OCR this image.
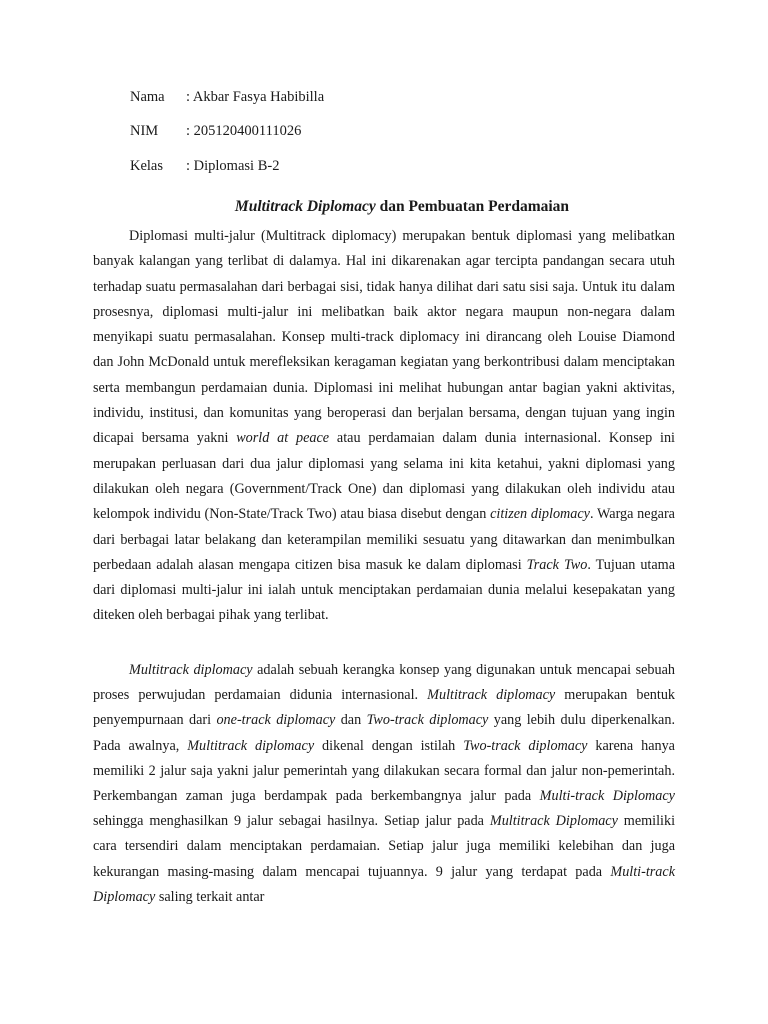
Nama : Akbar Fasya Habibilla
NIM : 205120400111026
Kelas : Diplomasi B-2
Multitrack Diplomacy dan Pembuatan Perdamaian

Diplomasi multi-jalur (Multitrack diplomacy) merupakan bentuk diplomasi yang melibatkan banyak kalangan yang terlibat di dalamya. Hal ini dikarenakan agar tercipta pandangan secara utuh terhadap suatu permasalahan dari berbagai sisi, tidak hanya dilihat dari satu sisi saja. Untuk itu dalam prosesnya, diplomasi multi-jalur ini melibatkan baik aktor negara maupun non-negara dalam menyikapi suatu permasalahan. Konsep multi-track diplomacy ini dirancang oleh Louise Diamond dan John McDonald untuk merefleksikan keragaman kegiatan yang berkontribusi dalam menciptakan serta membangun perdamaian dunia. Diplomasi ini melihat hubungan antar bagian yakni aktivitas, individu, institusi, dan komunitas yang beroperasi dan berjalan bersama, dengan tujuan yang ingin dicapai bersama yakni world at peace atau perdamaian dalam dunia internasional. Konsep ini merupakan perluasan dari dua jalur diplomasi yang selama ini kita ketahui, yakni diplomasi yang dilakukan oleh negara (Government/Track One) dan diplomasi yang dilakukan oleh individu atau kelompok individu (Non-State/Track Two) atau biasa disebut dengan citizen diplomacy. Warga negara dari berbagai latar belakang dan keterampilan memiliki sesuatu yang ditawarkan dan menimbulkan perbedaan adalah alasan mengapa citizen bisa masuk ke dalam diplomasi Track Two. Tujuan utama dari diplomasi multi-jalur ini ialah untuk menciptakan perdamaian dunia melalui kesepakatan yang diteken oleh berbagai pihak yang terlibat.

Multitrack diplomacy adalah sebuah kerangka konsep yang digunakan untuk mencapai sebuah proses perwujudan perdamaian didunia internasional. Multitrack diplomacy merupakan bentuk penyempurnaan dari one-track diplomacy dan Two-track diplomacy yang lebih dulu diperkenalkan. Pada awalnya, Multitrack diplomacy dikenal dengan istilah Two-track diplomacy karena hanya memiliki 2 jalur saja yakni jalur pemerintah yang dilakukan secara formal dan jalur non-pemerintah. Perkembangan zaman juga berdampak pada berkembangnya jalur pada Multi-track Diplomacy sehingga menghasilkan 9 jalur sebagai hasilnya. Setiap jalur pada Multitrack Diplomacy memiliki cara tersendiri dalam menciptakan perdamaian. Setiap jalur juga memiliki kelebihan dan juga kekurangan masing-masing dalam mencapai tujuannya. 9 jalur yang terdapat pada Multi-track Diplomacy saling terkait antar
